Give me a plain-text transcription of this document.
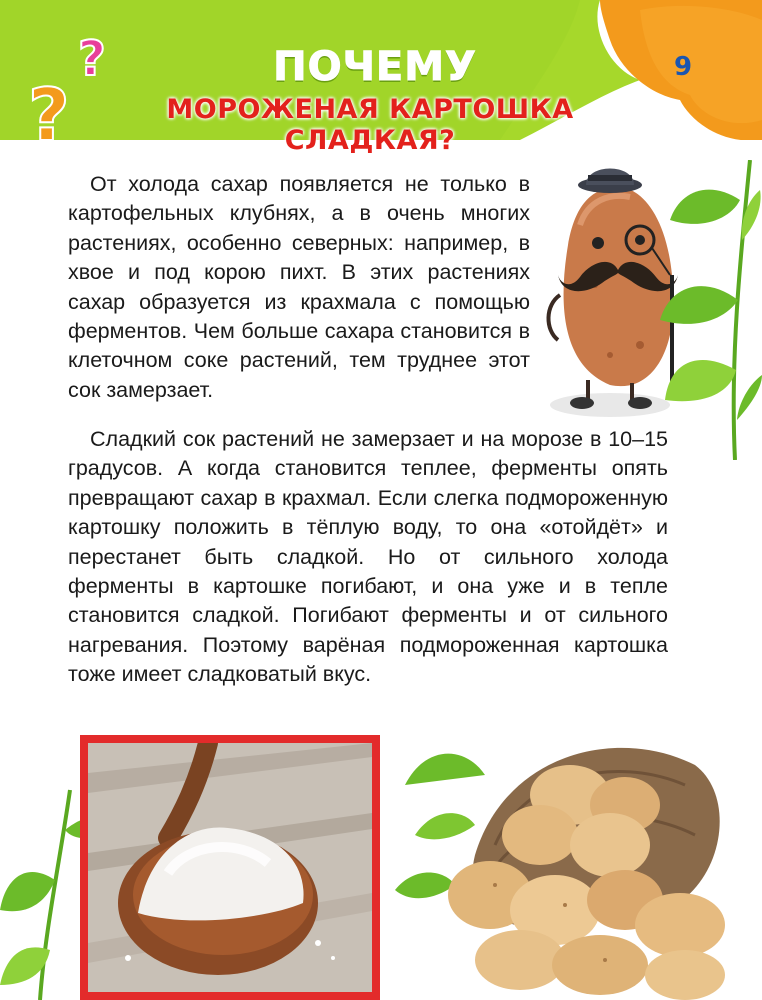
?
?
ПОЧЕМУ
МОРОЖЕНАЯ КАРТОШКА СЛАДКАЯ?
9
От холода сахар появляется не только в картофельных клубнях, а в очень многих растениях, особенно северных: например, в хвое и под корою пихт. В этих растениях сахар образуется из крахмала с помощью ферментов. Чем больше сахара становится в клеточном соке растений, тем труднее этот сок замерзает.
Сладкий сок растений не замерзает и на морозе в 10–15 градусов. А когда становится теплее, ферменты опять превращают сахар в крахмал. Если слегка подмороженную картошку положить в тёплую воду, то она «отойдёт» и перестанет быть сладкой. Но от сильного холода ферменты в картошке погибают, и она уже и в тепле становится сладкой. Погибают ферменты и от сильного нагревания. Поэтому варёная подмороженная картошка тоже имеет сладковатый вкус.
